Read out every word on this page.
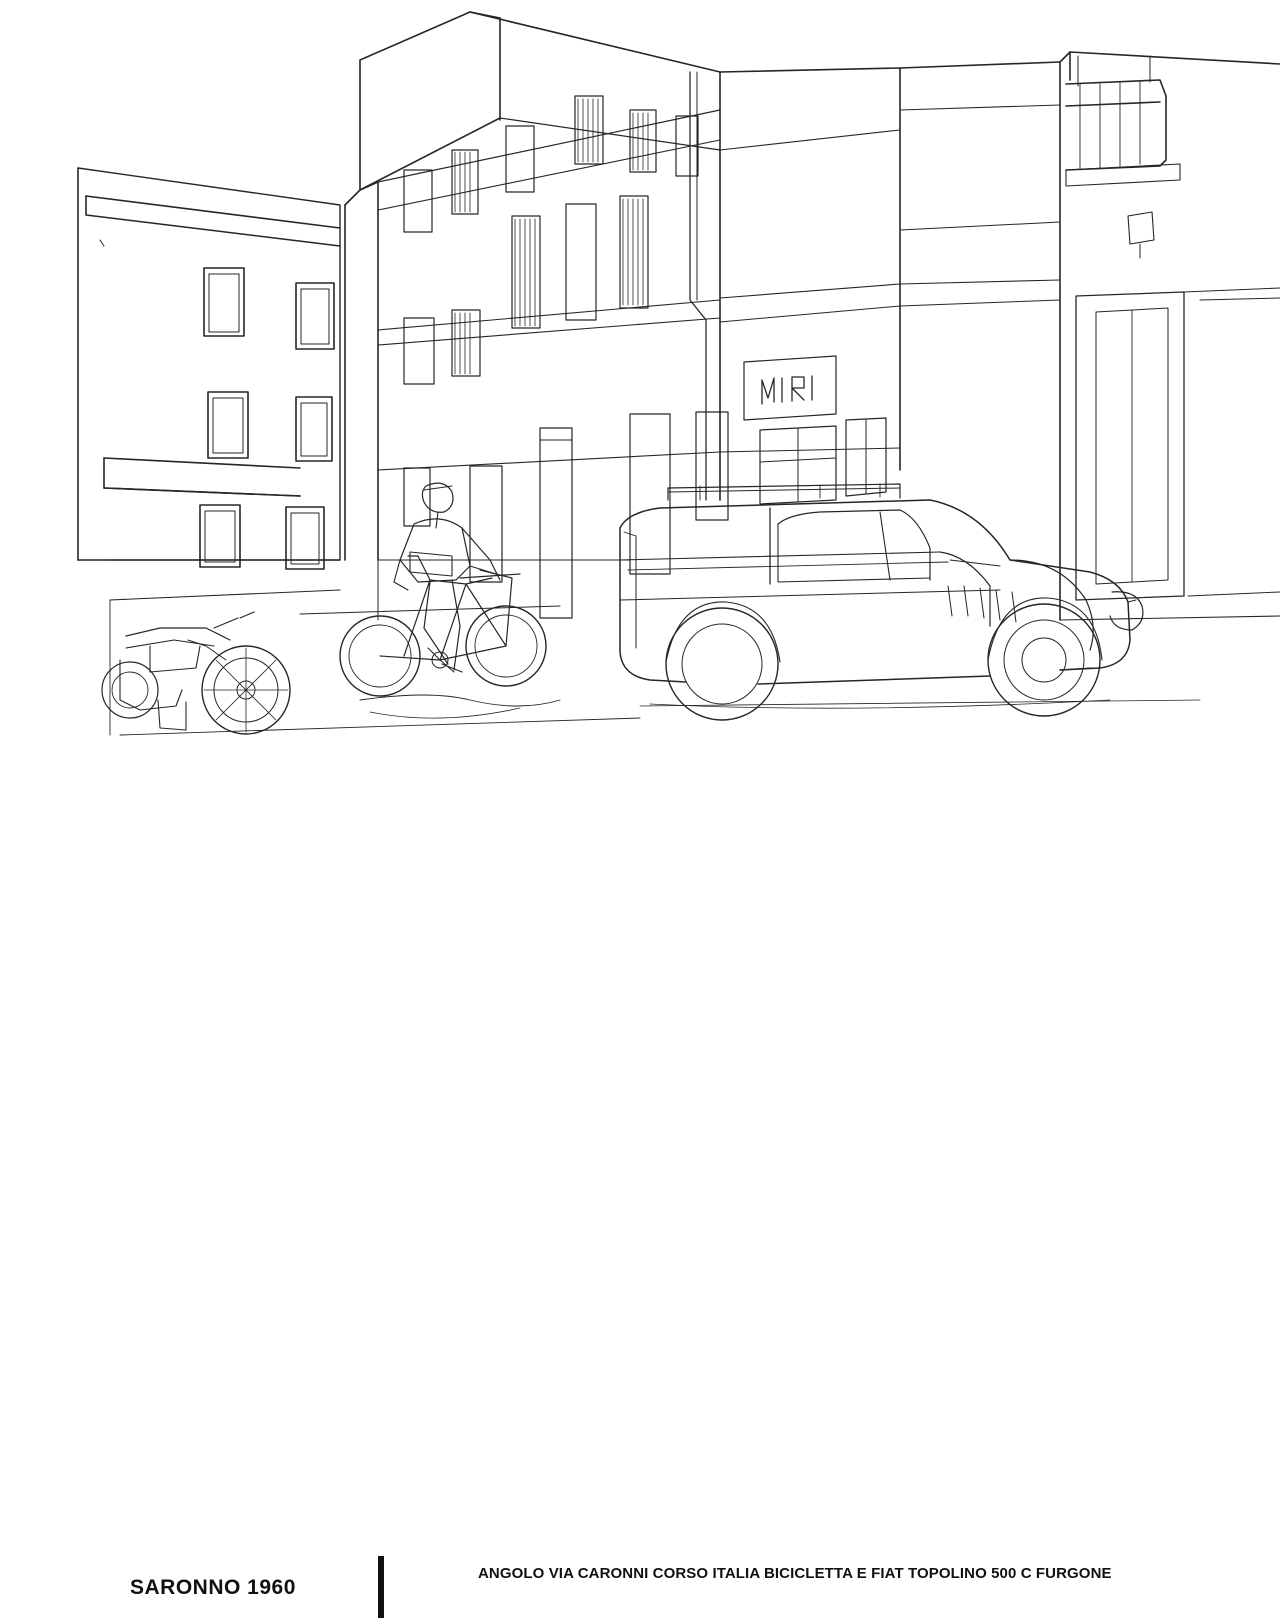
SARONNO 1960
ANGOLO VIA CARONNI CORSO ITALIA BICICLETTA E FIAT TOPOLINO 500 C FURGONE
